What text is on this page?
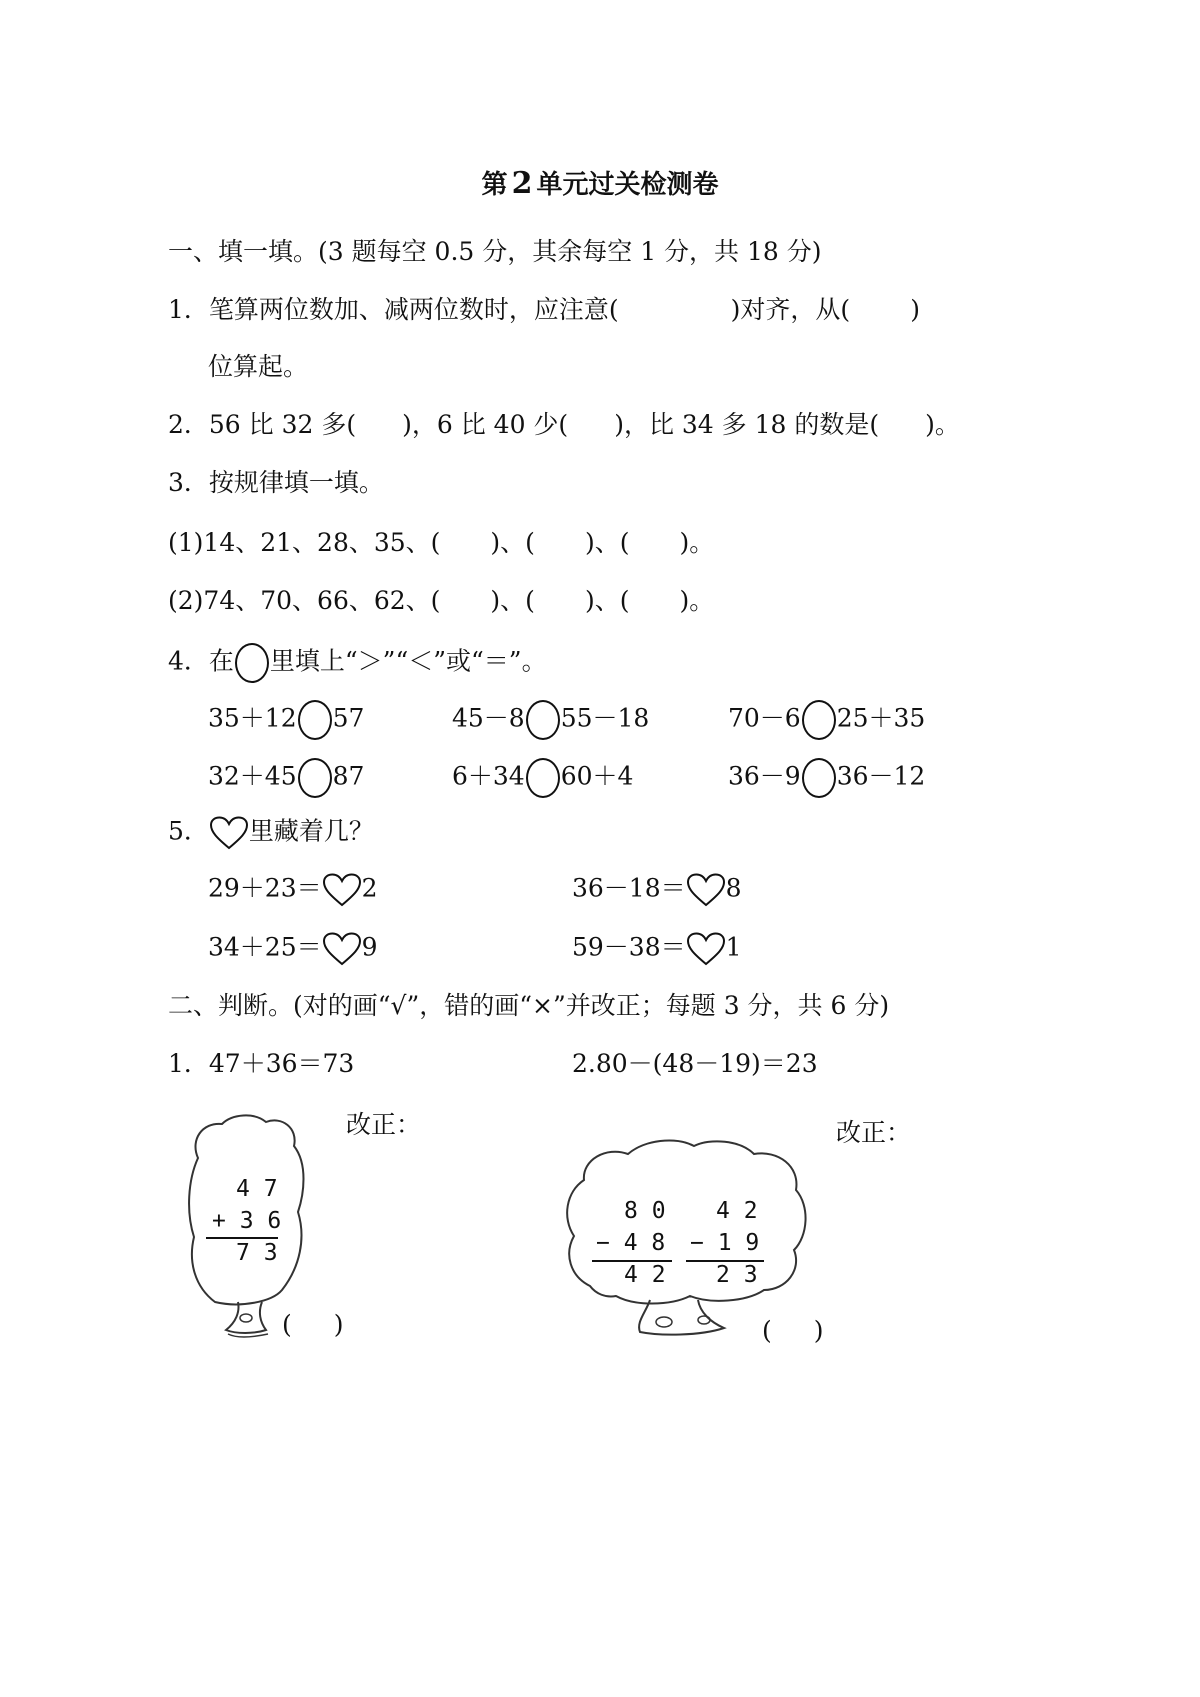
第 2 单元过关检测卷
一、填一填。(3 题每空 0.5 分，其余每空 1 分，共 18 分)
1．笔算两位数加、减两位数时，应注意(	)对齐，从( )
位算起。
2．56 比 32 多( )，6 比 40 少( )，比 34 多 18 的数是( )。
3．按规律填一填。
(1)14、21、28、35、( )、( )、( )。
(2)74、70、66、62、( )、( )、( )。
4．在 里填上“＞”“＜”或“＝”。
35＋12 57	45－8 55－18	70－6 25＋35
32＋45 87	6＋34 60＋4	36－9 36－12
5． 里藏着几？
29＋23＝ 2	36－18＝ 8
34＋25＝ 9	59－38＝ 1
二、判断。(对的画“√”，错的画“×”并改正；每题 3 分，共 6 分)
1．47＋36＝73	2.80－(48－19)＝23
改正：	改正：
4 7
+ 3 6
7 3
( )
8 0
− 4 8
4 2
4 2
− 1 9
2 3
( )
